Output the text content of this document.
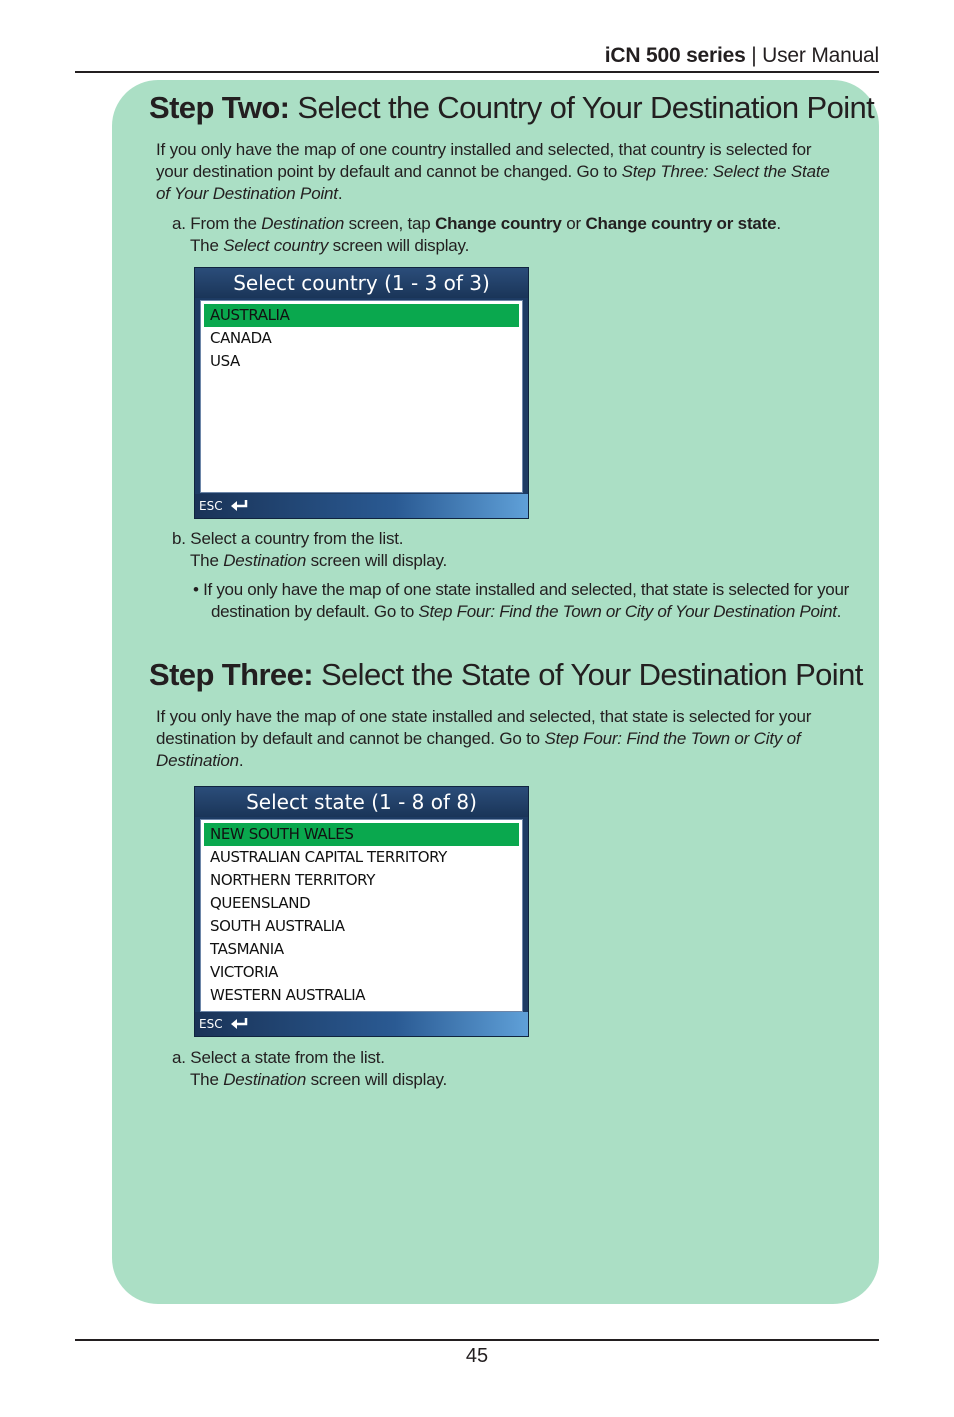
iCN 500 series | User Manual
Step Two: Select the Country of Your Destination Point
If you only have the map of one country installed and selected, that country is selected for
your destination point by default and cannot be changed. Go to Step Three: Select the State
of Your Destination Point.
a. From the Destination screen, tap Change country or Change country or state.
The Select country screen will display.
Select country (1 - 3 of 3)
AUSTRALIA
CANADA
USA
ESC
b. Select a country from the list.
The Destination screen will display.
• If you only have the map of one state installed and selected, that state is selected for your
destination by default. Go to Step Four: Find the Town or City of Your Destination Point.
Step Three: Select the State of Your Destination Point
If you only have the map of one state installed and selected, that state is selected for your
destination by default and cannot be changed. Go to Step Four: Find the Town or City of
Destination.
Select state (1 - 8 of 8)
NEW SOUTH WALES
AUSTRALIAN CAPITAL TERRITORY
NORTHERN TERRITORY
QUEENSLAND
SOUTH AUSTRALIA
TASMANIA
VICTORIA
WESTERN AUSTRALIA
ESC
a. Select a state from the list.
The Destination screen will display.
45
